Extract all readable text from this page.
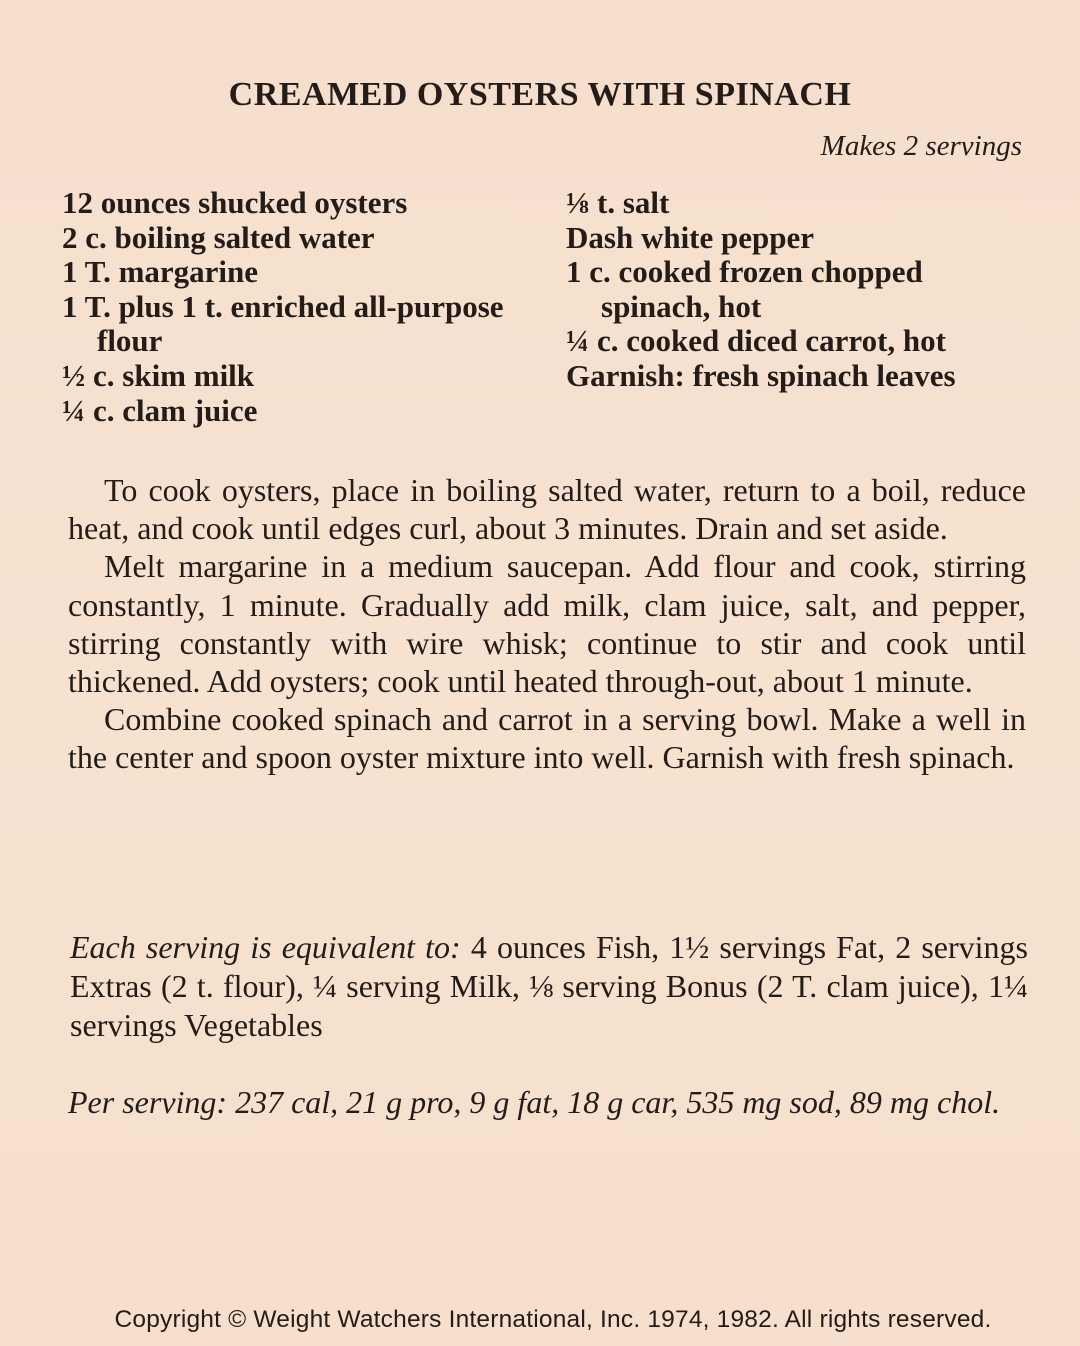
CREAMED OYSTERS WITH SPINACH
Makes 2 servings
12 ounces shucked oysters
2 c. boiling salted water
1 T. margarine
1 T. plus 1 t. enriched all-purpose flour
½ c. skim milk
¼ c. clam juice
⅛ t. salt
Dash white pepper
1 c. cooked frozen chopped spinach, hot
¼ c. cooked diced carrot, hot
Garnish: fresh spinach leaves

To cook oysters, place in boiling salted water, return to a boil, reduce heat, and cook until edges curl, about 3 minutes. Drain and set aside.

Melt margarine in a medium saucepan. Add flour and cook, stirring constantly, 1 minute. Gradually add milk, clam juice, salt, and pepper, stirring constantly with wire whisk; continue to stir and cook until thickened. Add oysters; cook until heated through-out, about 1 minute.

Combine cooked spinach and carrot in a serving bowl. Make a well in the center and spoon oyster mixture into well. Garnish with fresh spinach.

Each serving is equivalent to: 4 ounces Fish, 1½ servings Fat, 2 servings Extras (2 t. flour), ¼ serving Milk, ⅛ serving Bonus (2 T. clam juice), 1¼ servings Vegetables
Per serving: 237 cal, 21 g pro, 9 g fat, 18 g car, 535 mg sod, 89 mg chol.
Copyright © Weight Watchers International, Inc. 1974, 1982. All rights reserved.
